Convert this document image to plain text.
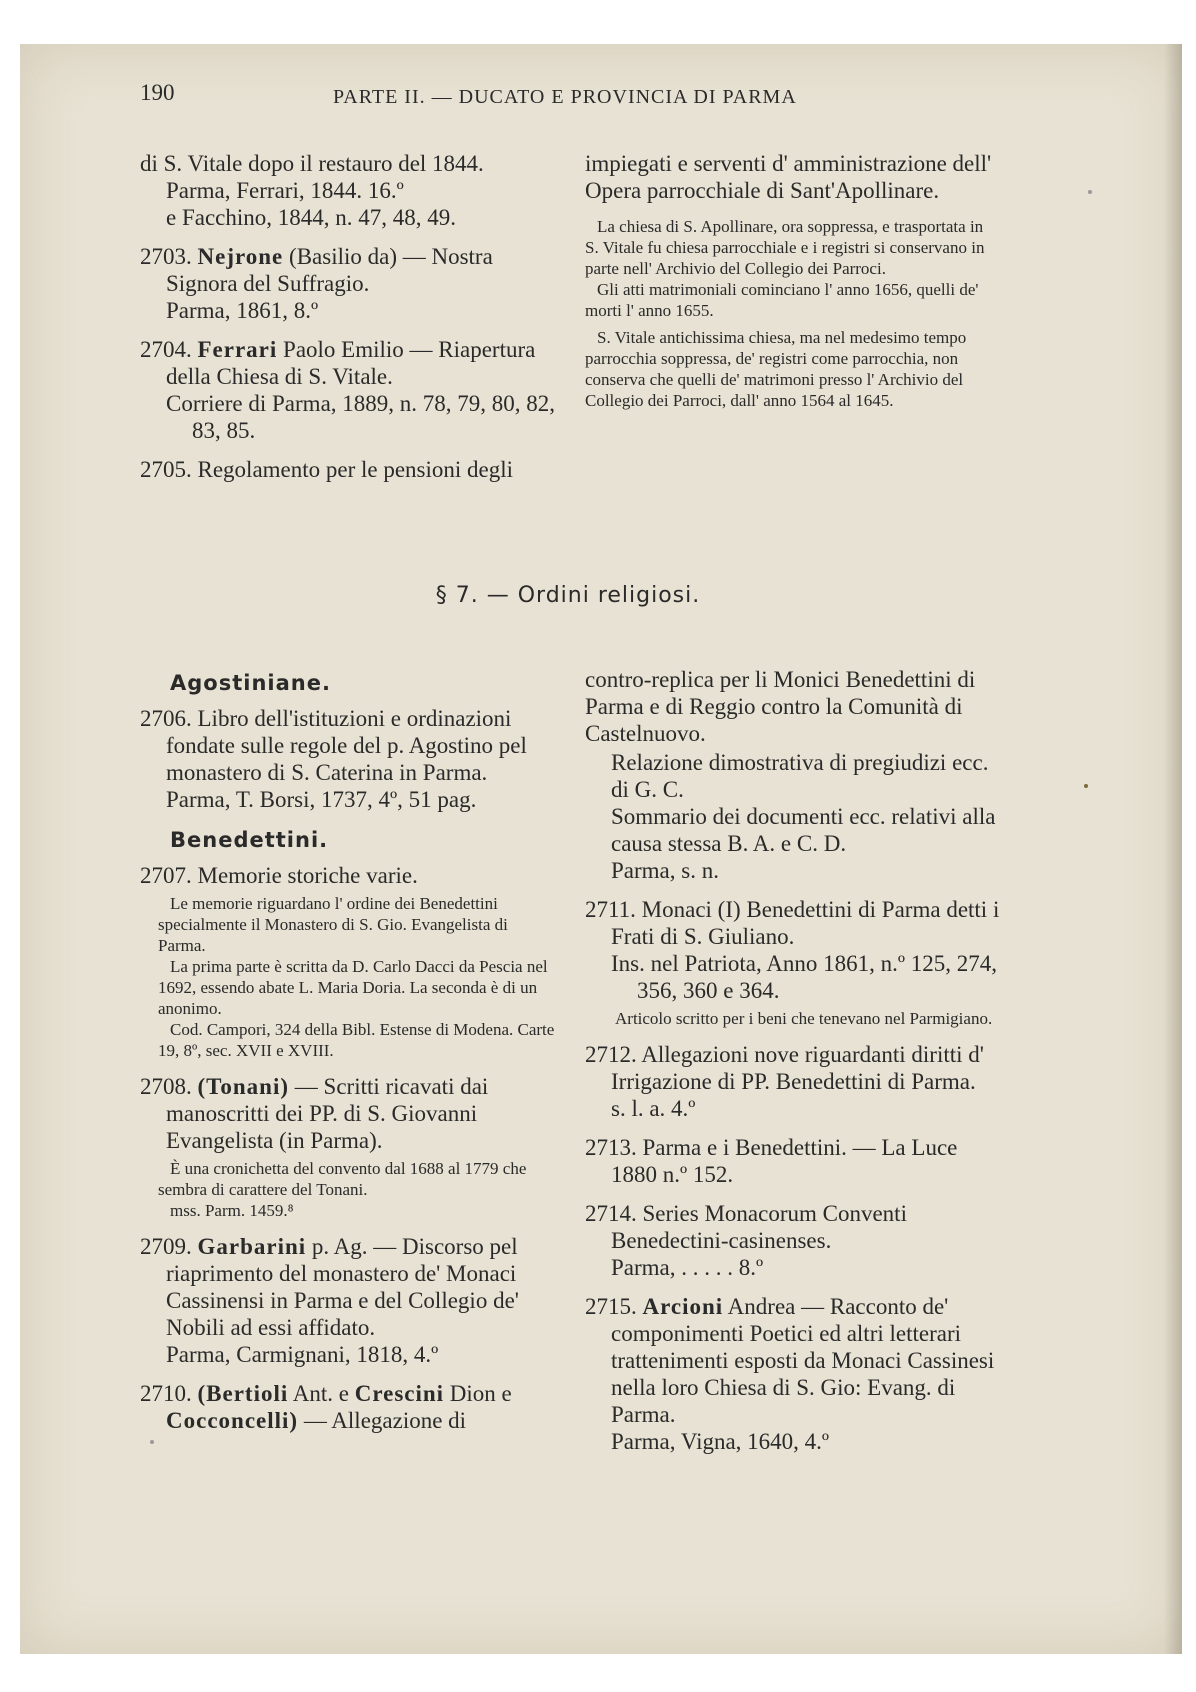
190	PARTE II. — DUCATO E PROVINCIA DI PARMA
di S. Vitale dopo il restauro del 1844.
Parma, Ferrari, 1844. 16.º
e Facchino, 1844, n. 47, 48, 49.
2703. Nejrone (Basilio da) — Nostra Signora del Suffragio.
Parma, 1861, 8.º
2704. Ferrari Paolo Emilio — Riapertura della Chiesa di S. Vitale.
Corriere di Parma, 1889, n. 78, 79, 80, 82, 83, 85.
2705. Regolamento per le pensioni degli
impiegati e serventi d' amministrazione dell' Opera parrocchiale di Sant'Apollinare.

La chiesa di S. Apollinare, ora soppressa, e trasportata in S. Vitale fu chiesa parrocchiale e i registri si conservano in parte nell' Archivio del Collegio dei Parroci.

Gli atti matrimoniali cominciano l' anno 1656, quelli de' morti l' anno 1655.

S. Vitale antichissima chiesa, ma nel medesimo tempo parrocchia soppressa, de' registri come parrocchia, non conserva che quelli de' matrimoni presso l' Archivio del Collegio dei Parroci, dall' anno 1564 al 1645.

§ 7. — Ordini religiosi.
Agostiniane.
2706. Libro dell'istituzioni e ordinazioni fondate sulle regole del p. Agostino pel monastero di S. Caterina in Parma.
Parma, T. Borsi, 1737, 4º, 51 pag.
Benedettini.
2707. Memorie storiche varie.

Le memorie riguardano l' ordine dei Benedettini specialmente il Monastero di S. Gio. Evangelista di Parma.

La prima parte è scritta da D. Carlo Dacci da Pescia nel 1692, essendo abate L. Maria Doria. La seconda è di un anonimo.

Cod. Campori, 324 della Bibl. Estense di Modena. Carte 19, 8º, sec. XVII e XVIII.

2708. (Tonani) — Scritti ricavati dai manoscritti dei PP. di S. Giovanni Evangelista (in Parma).

È una cronichetta del convento dal 1688 al 1779 che sembra di carattere del Tonani.

mss. Parm. 1459.⁸

2709. Garbarini p. Ag. — Discorso pel riaprimento del monastero de' Monaci Cassinensi in Parma e del Collegio de' Nobili ad essi affidato.
Parma, Carmignani, 1818, 4.º
2710. (Bertioli Ant. e Crescini Dion e Cocconcelli) — Allegazione di
contro-replica per li Monici Benedettini di Parma e di Reggio contro la Comunità di Castelnuovo.
Relazione dimostrativa di pregiudizi ecc. di G. C.
Sommario dei documenti ecc. relativi alla causa stessa B. A. e C. D.
Parma, s. n.
2711. Monaci (I) Benedettini di Parma detti i Frati di S. Giuliano.
Ins. nel Patriota, Anno 1861, n.º 125, 274, 356, 360 e 364.

Articolo scritto per i beni che tenevano nel Parmigiano.

2712. Allegazioni nove riguardanti diritti d' Irrigazione di PP. Benedettini di Parma.
s. l. a. 4.º
2713. Parma e i Benedettini. — La Luce 1880 n.º 152.
2714. Series Monacorum Conventi Benedectini-casinenses.
Parma, . . . . . 8.º
2715. Arcioni Andrea — Racconto de' componimenti Poetici ed altri letterari trattenimenti esposti da Monaci Cassinesi nella loro Chiesa di S. Gio: Evang. di Parma.
Parma, Vigna, 1640, 4.º
